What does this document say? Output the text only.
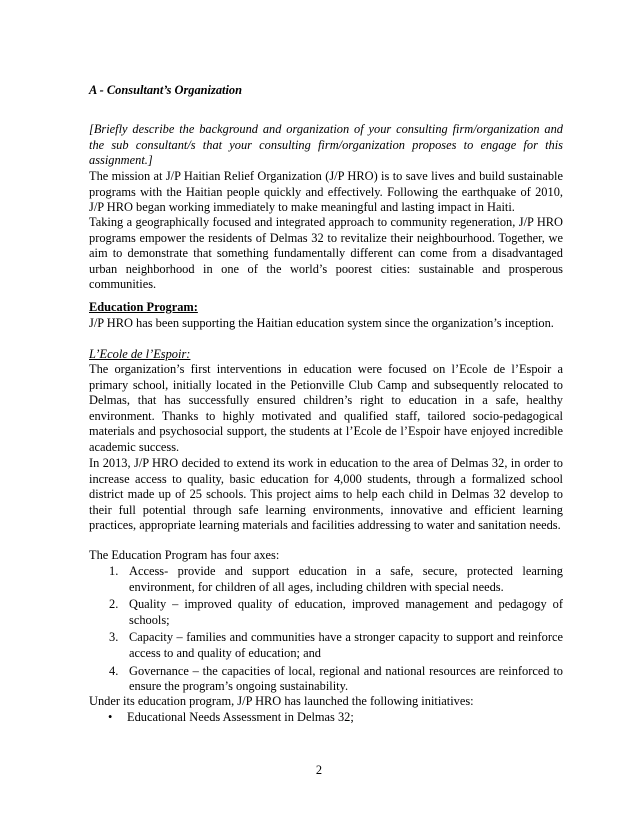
A - Consultant’s Organization

[Briefly describe the background and organization of your consulting firm/organization and the sub consultant/s that your consulting firm/organization proposes to engage for this assignment.]

The mission at J/P Haitian Relief Organization (J/P HRO) is to save lives and build sustainable programs with the Haitian people quickly and effectively. Following the earthquake of 2010, J/P HRO began working immediately to make meaningful and lasting impact in Haiti.

Taking a geographically focused and integrated approach to community regeneration, J/P HRO programs empower the residents of Delmas 32 to revitalize their neighbourhood. Together, we aim to demonstrate that something fundamentally different can come from a disadvantaged urban neighborhood in one of the world’s poorest cities: sustainable and prosperous communities.

Education Program:

J/P HRO has been supporting the Haitian education system since the organization’s inception.

L’Ecole de l’Espoir:

The organization’s first interventions in education were focused on l’Ecole de l’Espoir a primary school, initially located in the Petionville Club Camp and subsequently relocated to Delmas, that has successfully ensured children’s right to education in a safe, healthy environment. Thanks to highly motivated and qualified staff, tailored socio-pedagogical materials and psychosocial support, the students at l’Ecole de l’Espoir have enjoyed incredible academic success.

In 2013, J/P HRO decided to extend its work in education to the area of Delmas 32, in order to increase access to quality, basic education for 4,000 students, through a formalized school district made up of 25 schools. This project aims to help each child in Delmas 32 develop to their full potential through safe learning environments, innovative and efficient learning practices, appropriate learning materials and facilities addressing to water and sanitation needs.

The Education Program has four axes:

1. Access- provide and support education in a safe, secure, protected learning environment, for children of all ages, including children with special needs.
2. Quality – improved quality of education, improved management and pedagogy of schools;
3. Capacity – families and communities have a stronger capacity to support and reinforce access to and quality of education; and
4. Governance – the capacities of local, regional and national resources are reinforced to ensure the program’s ongoing sustainability.

Under its education program, J/P HRO has launched the following initiatives:

• Educational Needs Assessment in Delmas 32;
2
